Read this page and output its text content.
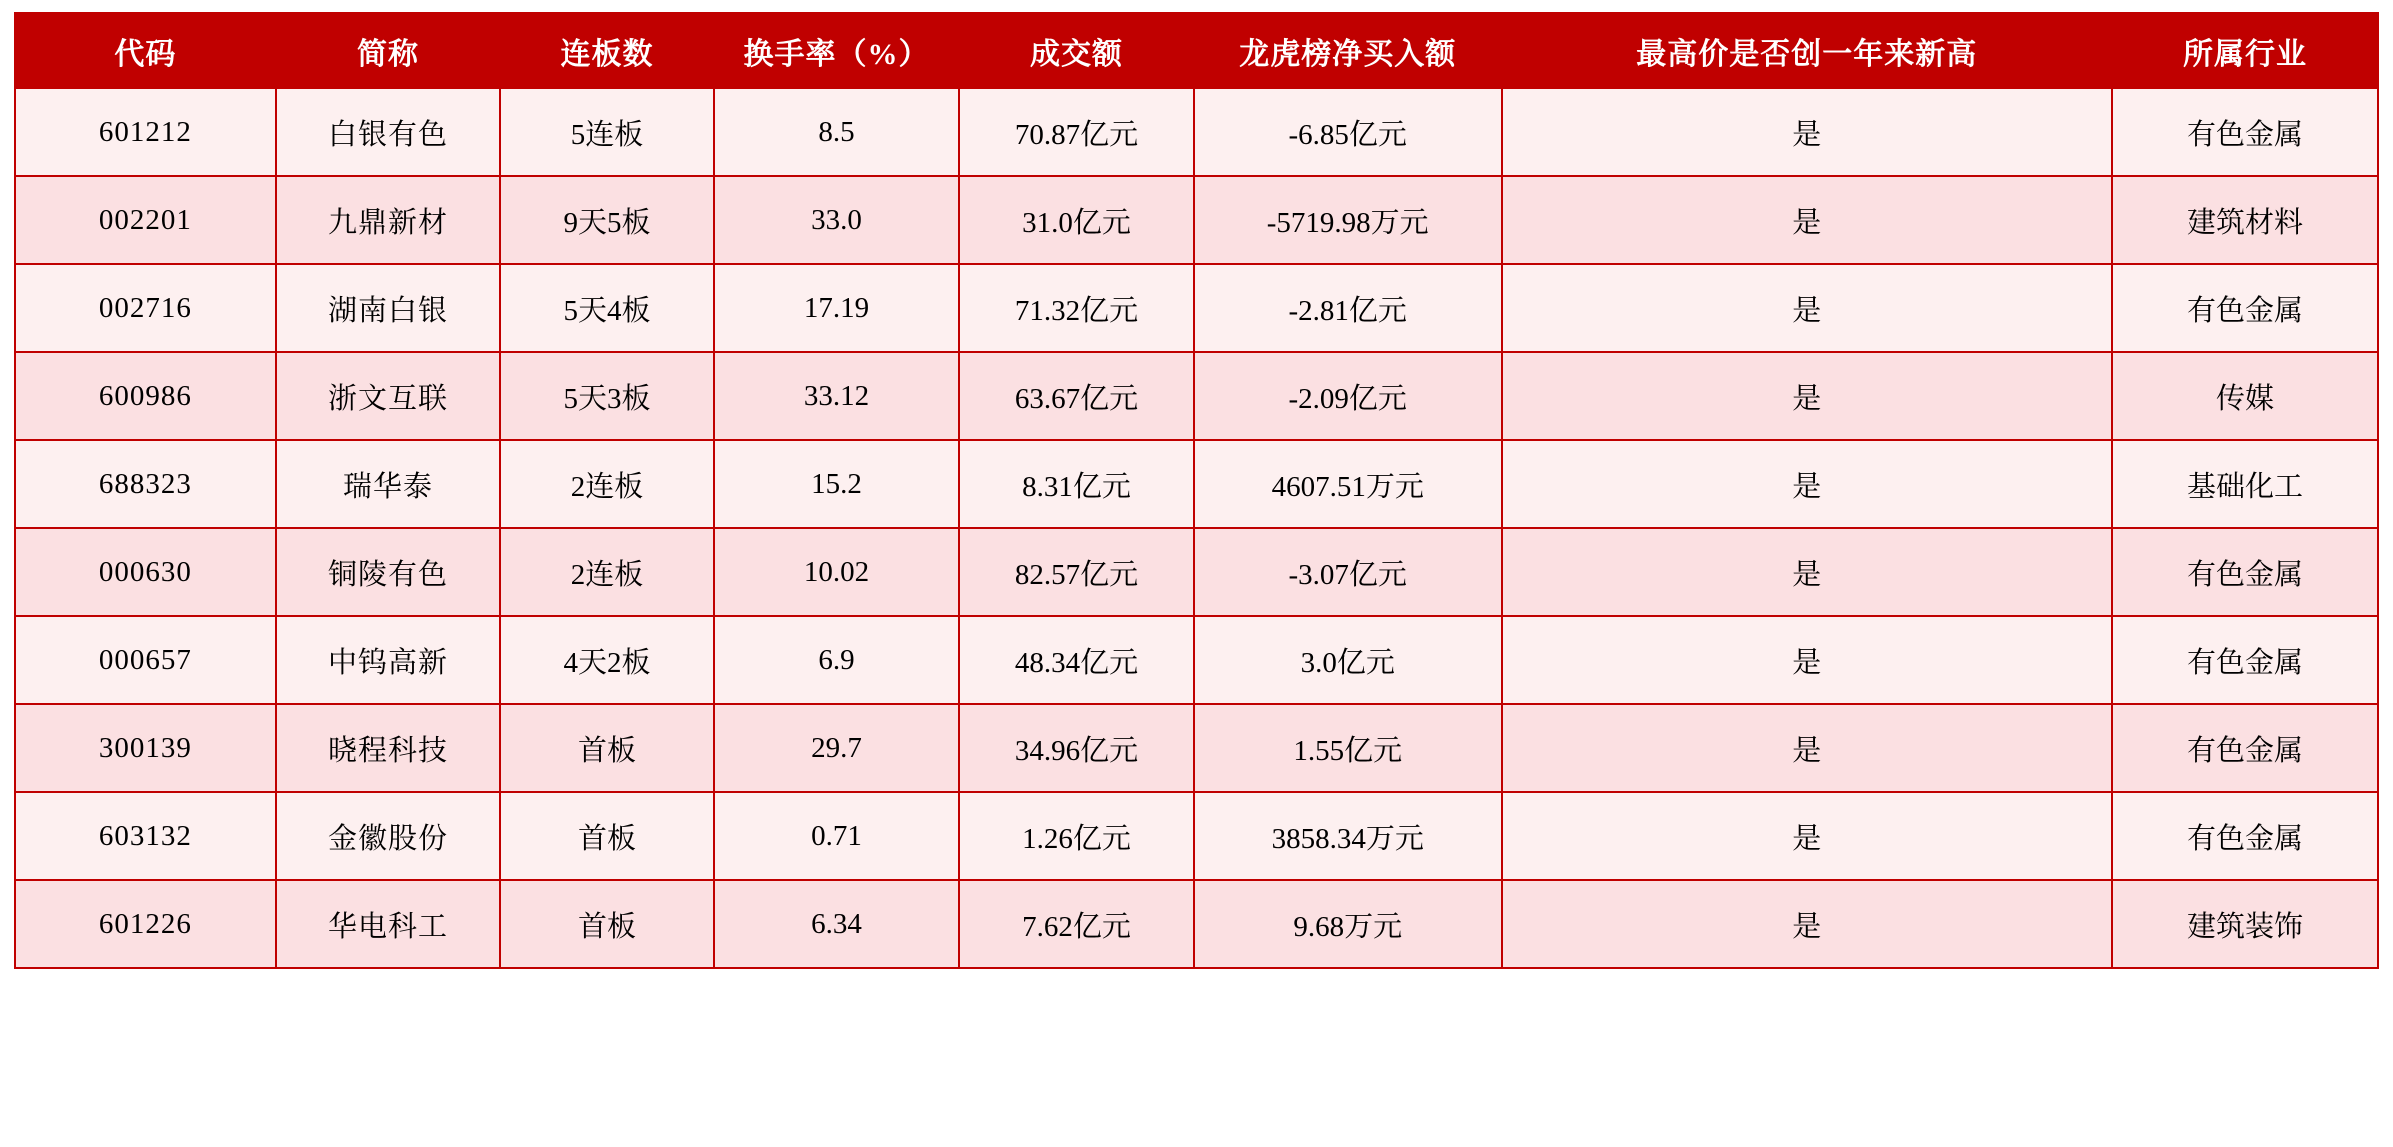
代码	简称	连板数	换手率（%）	成交额	龙虎榜净买入额	最高价是否创一年来新高	所属行业
601212	白银有色	5连板	8.5	70.87亿元	-6.85亿元	是	有色金属
002201	九鼎新材	9天5板	33.0	31.0亿元	-5719.98万元	是	建筑材料
002716	湖南白银	5天4板	17.19	71.32亿元	-2.81亿元	是	有色金属
600986	浙文互联	5天3板	33.12	63.67亿元	-2.09亿元	是	传媒
688323	瑞华泰	2连板	15.2	8.31亿元	4607.51万元	是	基础化工
000630	铜陵有色	2连板	10.02	82.57亿元	-3.07亿元	是	有色金属
000657	中钨高新	4天2板	6.9	48.34亿元	3.0亿元	是	有色金属
300139	晓程科技	首板	29.7	34.96亿元	1.55亿元	是	有色金属
603132	金徽股份	首板	0.71	1.26亿元	3858.34万元	是	有色金属
601226	华电科工	首板	6.34	7.62亿元	9.68万元	是	建筑装饰
